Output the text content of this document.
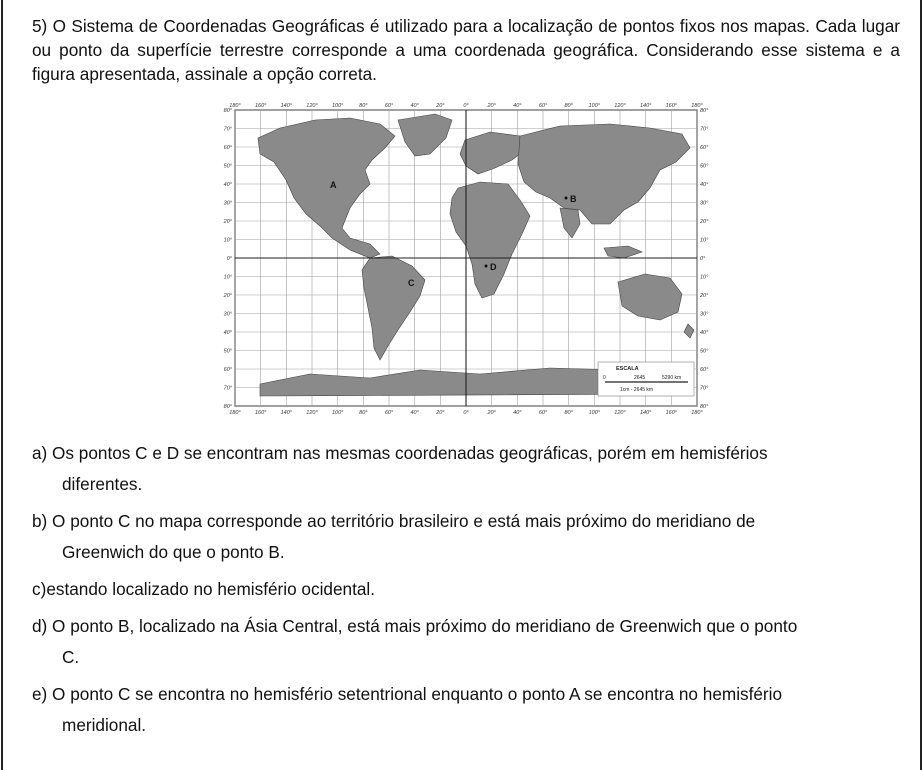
5) O Sistema de Coordenadas Geográficas é utilizado para a localização de pontos fixos nos mapas. Cada lugar ou ponto da superfície terrestre corresponde a uma coordenada geográfica. Considerando esse sistema e a figura apresentada, assinale a opção correta.
180°	160°	140°	120°	100°	80°	60°	40°	20°	0°	20°	40°	60°	80°	100°	120°	140°	160°	180°
180°	160°	140°	120°	100°	80°	60°	40°	20°	0°	20°	40°	60°	80°	100°	120°	140°	160°	180°
80°
70°
60°
50°
40°
30°
20°
10°
0°
10°
20°
30°
40°
50°
60°
70°
80°
80°
70°
60°
50°
40°
30°
20°
10°
0°
10°
20°
30°
40°
50°
60°
70°
80°
A
B
C
D
ESCALA
0	2645	5290 km
1cm - 2645 km
a) Os pontos C e D se encontram nas mesmas coordenadas geográficas, porém em hemisférios

diferentes.
b) O ponto C no mapa corresponde ao território brasileiro e está mais próximo do meridiano de

Greenwich do que o ponto B.
c)estando localizado no hemisfério ocidental.
d) O ponto B, localizado na Ásia Central, está mais próximo do meridiano de Greenwich que o ponto

C.
e) O ponto C se encontra no hemisfério setentrional enquanto o ponto A se encontra no hemisfério

meridional.
